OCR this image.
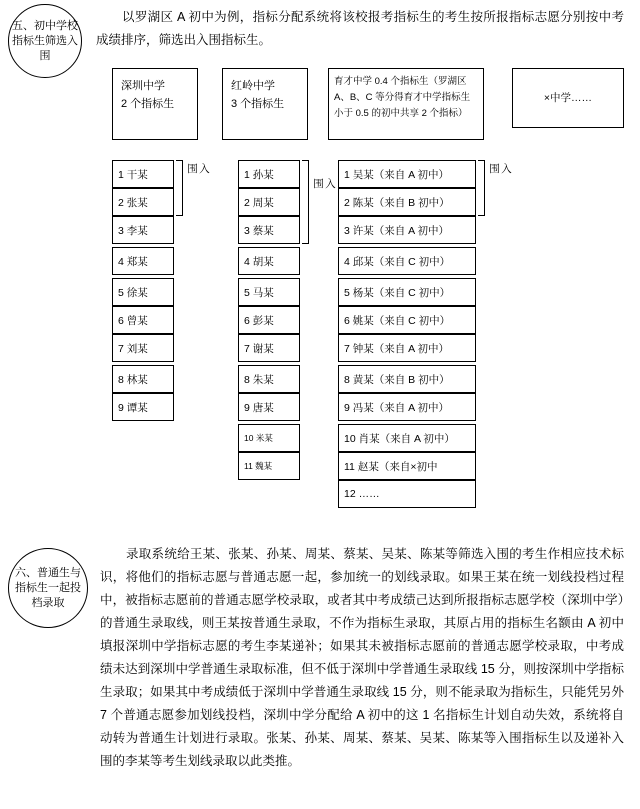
五、初中学校 指标生筛选入围
以罗湖区 A 初中为例，指标分配系统将该校报考指标生的考生按所报指标志愿分别按中考成绩排序，筛选出入围指标生。
深圳中学
2 个指标生
红岭中学
3 个指标生
育才中学 0.4 个指标生（罗湖区 A、B、C 等分得育才中学指标生小于 0.5 的初中共享 2 个指标）
×中学……
1 干某
2 张某
3 李某
4 郑某
5 徐某
6 曾某
7 刘某
8 林某
9 谭某
1 孙某
2 周某
3 蔡某
4 胡某
5 马某
6 彭某
7 谢某
8 朱某
9 唐某
10 米某
11 魏某
1 吴某（来自 A 初中）
2 陈某（来自 B 初中）
3 许某（来自 A 初中）
4 邱某（来自 C 初中）
5 杨某（来自 C 初中）
6 姚某（来自 C 初中）
7 钟某（来自 A 初中）
8 黄某（来自 B 初中）
9 冯某（来自 A 初中）
10 肖某（来自 A 初中）
11 赵某（来自×初中
12 ……
入围
入围
入围
六、普通生与指标生一起投档录取
录取系统给王某、张某、孙某、周某、蔡某、吴某、陈某等筛选入围的考生作相应技术标识，将他们的指标志愿与普通志愿一起，参加统一的划线录取。如果王某在统一划线投档过程中，被指标志愿前的普通志愿学校录取，或者其中考成绩己达到所报指标志愿学校（深圳中学）的普通生录取线，则王某按普通生录取，不作为指标生录取，其原占用的指标生名额由 A 初中填报深圳中学指标志愿的考生李某递补；如果其未被指标志愿前的普通志愿学校录取，中考成绩未达到深圳中学普通生录取标准，但不低于深圳中学普通生录取线 15 分，则按深圳中学指标生录取；如果其中考成绩低于深圳中学普通生录取线 15 分，则不能录取为指标生，只能凭另外 7 个普通志愿参加划线投档，深圳中学分配给 A 初中的这 1 名指标生计划自动失效，系统将自动转为普通生计划进行录取。张某、孙某、周某、蔡某、吴某、陈某等入围指标生以及递补入围的李某等考生划线录取以此类推。
